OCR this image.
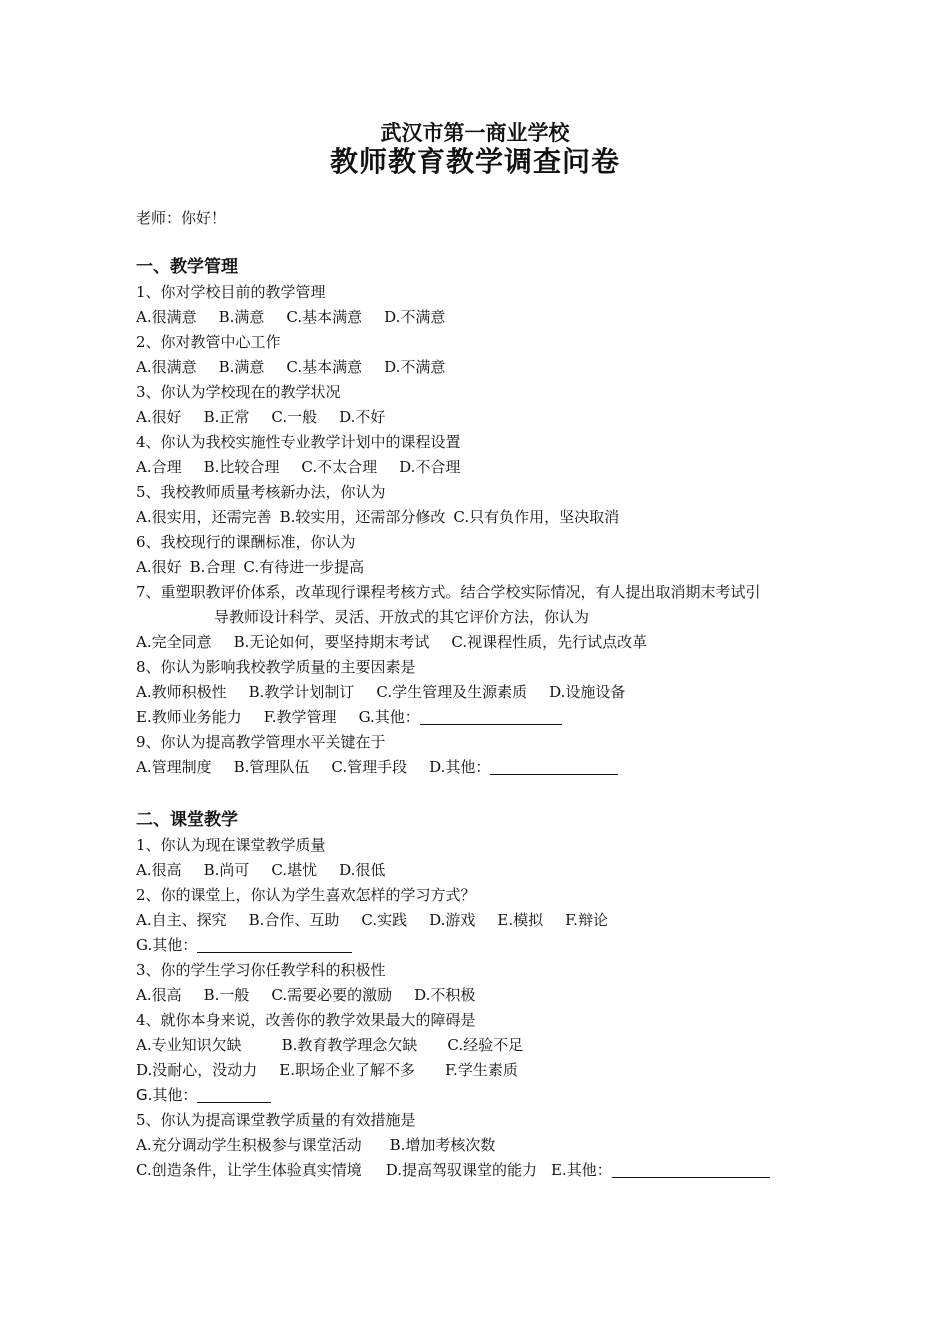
武汉市第一商业学校
教师教育教学调查问卷
老师：你好！
一、教学管理
1、你对学校目前的教学管理
A.很满意 B.满意 C.基本满意 D.不满意
2、你对教管中心工作
A.很满意 B.满意 C.基本满意 D.不满意
3、你认为学校现在的教学状况
A.很好 B.正常 C.一般 D.不好
4、你认为我校实施性专业教学计划中的课程设置
A.合理 B.比较合理 C.不太合理 D.不合理
5、我校教师质量考核新办法，你认为
A.很实用，还需完善 B.较实用，还需部分修改 C.只有负作用，坚决取消
6、我校现行的课酬标准，你认为
A.很好 B.合理 C.有待进一步提高
7、重塑职教评价体系，改革现行课程考核方式。结合学校实际情况，有人提出取消期末考试引
导教师设计科学、灵活、开放式的其它评价方法，你认为
A.完全同意 B.无论如何，要坚持期末考试 C.视课程性质，先行试点改革
8、你认为影响我校教学质量的主要因素是
A.教师积极性 B.教学计划制订 C.学生管理及生源素质 D.设施设备
E.教师业务能力 F.教学管理 G.其他：
9、你认为提高教学管理水平关键在于
A.管理制度 B.管理队伍 C.管理手段 D.其他：
二、课堂教学
1、你认为现在课堂教学质量
A.很高 B.尚可 C.堪忧 D.很低
2、你的课堂上，你认为学生喜欢怎样的学习方式？
A.自主、探究 B.合作、互助 C.实践 D.游戏 E.模拟 F.辩论
G.其他：
3、你的学生学习你任教学科的积极性
A.很高 B.一般 C.需要必要的激励 D.不积极
4、就你本身来说，改善你的教学效果最大的障碍是
A.专业知识欠缺	B.教育教学理念欠缺 C.经验不足
D.没耐心，没动力 E.职场企业了解不多 F.学生素质
G.其他：
5、你认为提高课堂教学质量的有效措施是
A.充分调动学生积极参与课堂活动 B.增加考核次数
C.创造条件，让学生体验真实情境 D.提高驾驭课堂的能力 E.其他：
